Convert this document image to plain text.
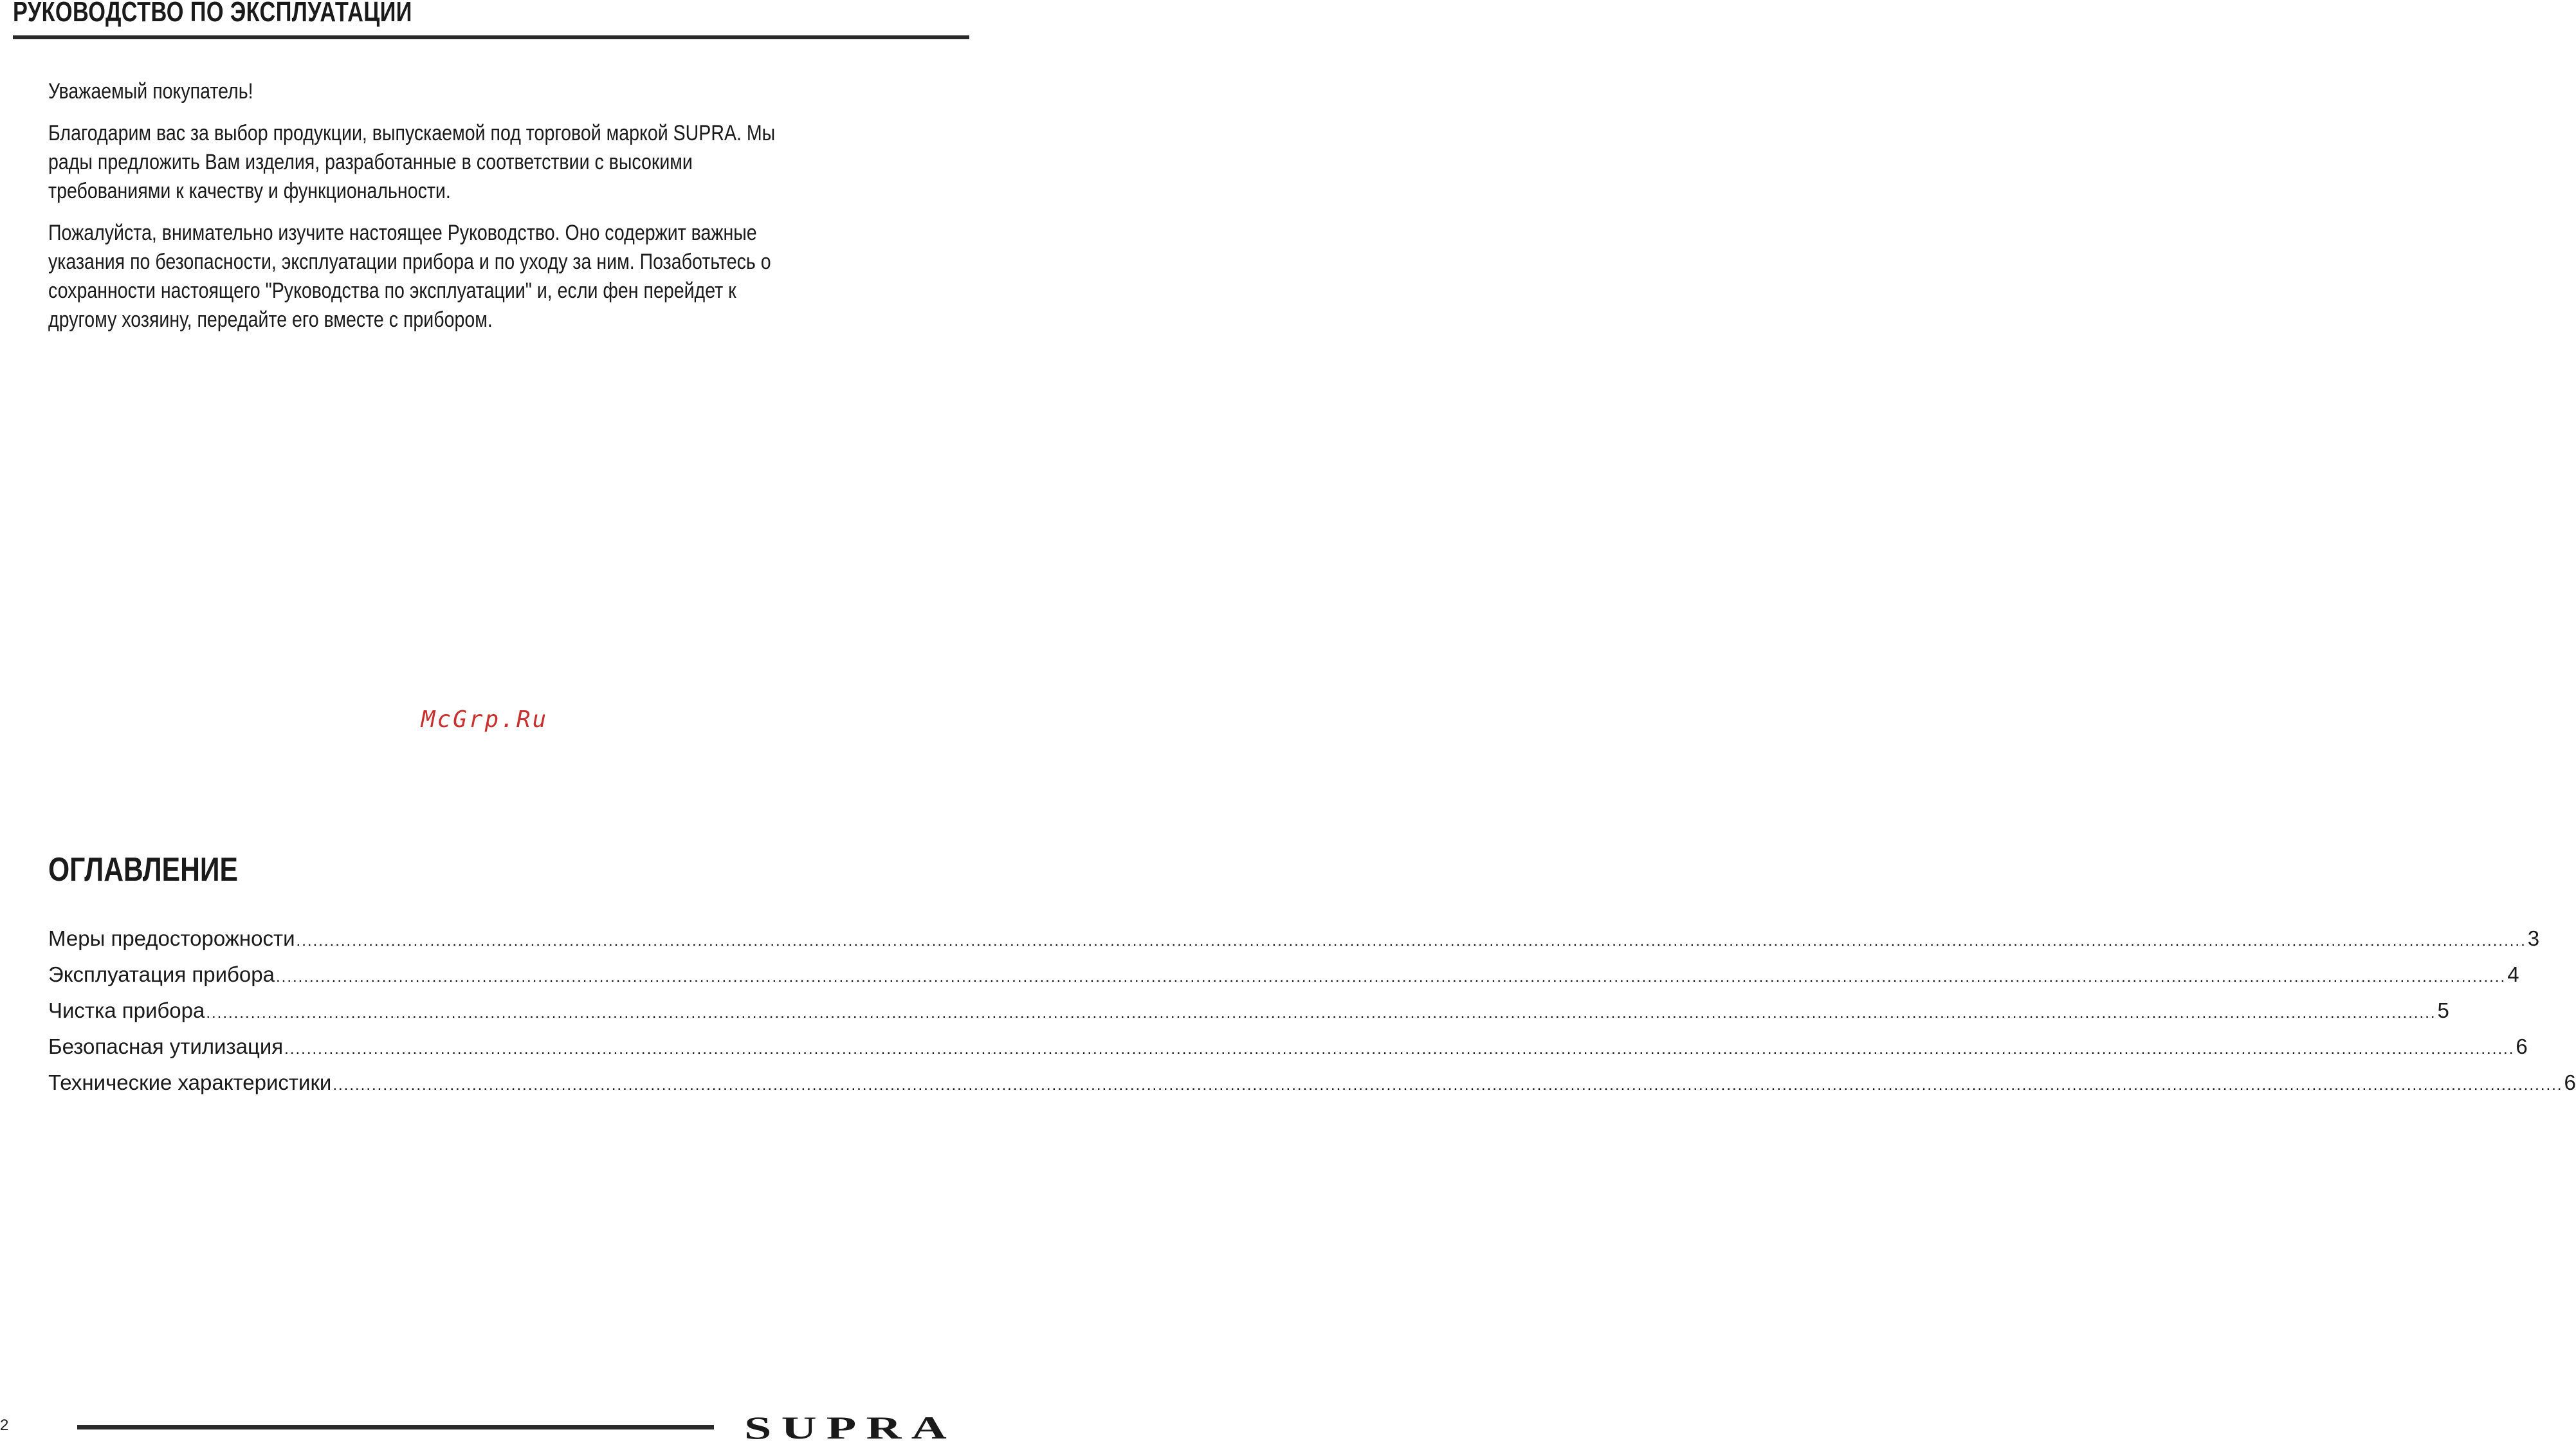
РУКОВОДСТВО ПО ЭКСПЛУАТАЦИИ

Уважаемый покупатель!

Благодарим вас за выбор продукции, выпускаемой под торговой маркой SUPRA. Мы рады предложить Вам изделия, разработанные в соответствии с высокими требованиями к качеству и функциональности.

Пожалуйста, внимательно изучите настоящее Руководство. Оно содержит важные указания по безопасности, эксплуатации прибора и по уходу за ним. Позаботьтесь о сохранности настоящего "Руководства по эксплуатации" и, если фен перейдет к другому хозяину, передайте его вместе с прибором.

McGrp.Ru
ОГЛАВЛЕНИЕ
Меры предосторожности ................................................................................................................................................................................................................................................................................................................................................................................................................ 3
Эксплуатация прибора ................................................................................................................................................................................................................................................................................................................................................................................................................ 4
Чистка прибора ................................................................................................................................................................................................................................................................................................................................................................................................................ 5
Безопасная утилизация ................................................................................................................................................................................................................................................................................................................................................................................................................ 6
Технические характеристики ................................................................................................................................................................................................................................................................................................................................................................................................................ 6
2	SUPRA
